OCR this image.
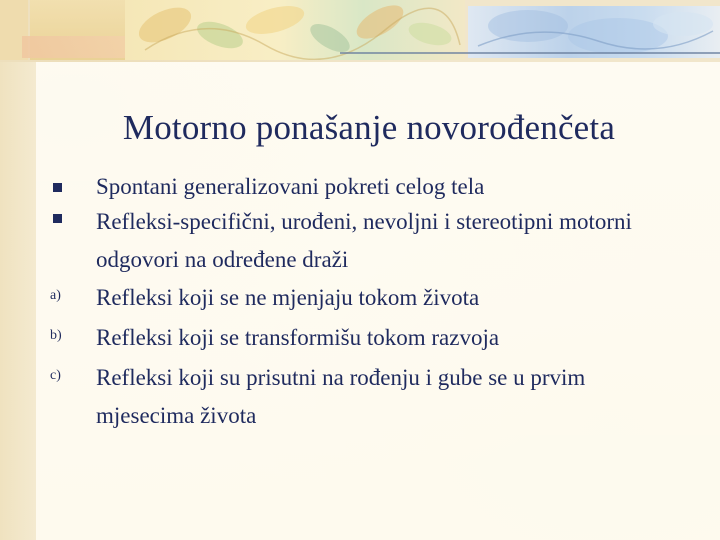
Motorno ponašanje novorođenčeta
Spontani generalizovani pokreti celog tela
Refleksi-specifični, urođeni, nevoljni i stereotipni motorni odgovori na određene draži
a) Refleksi koji se ne mjenjaju tokom života
b) Refleksi koji se transformišu tokom razvoja
c) Refleksi koji su prisutni na rođenju i gube se u prvim mjesecima života
